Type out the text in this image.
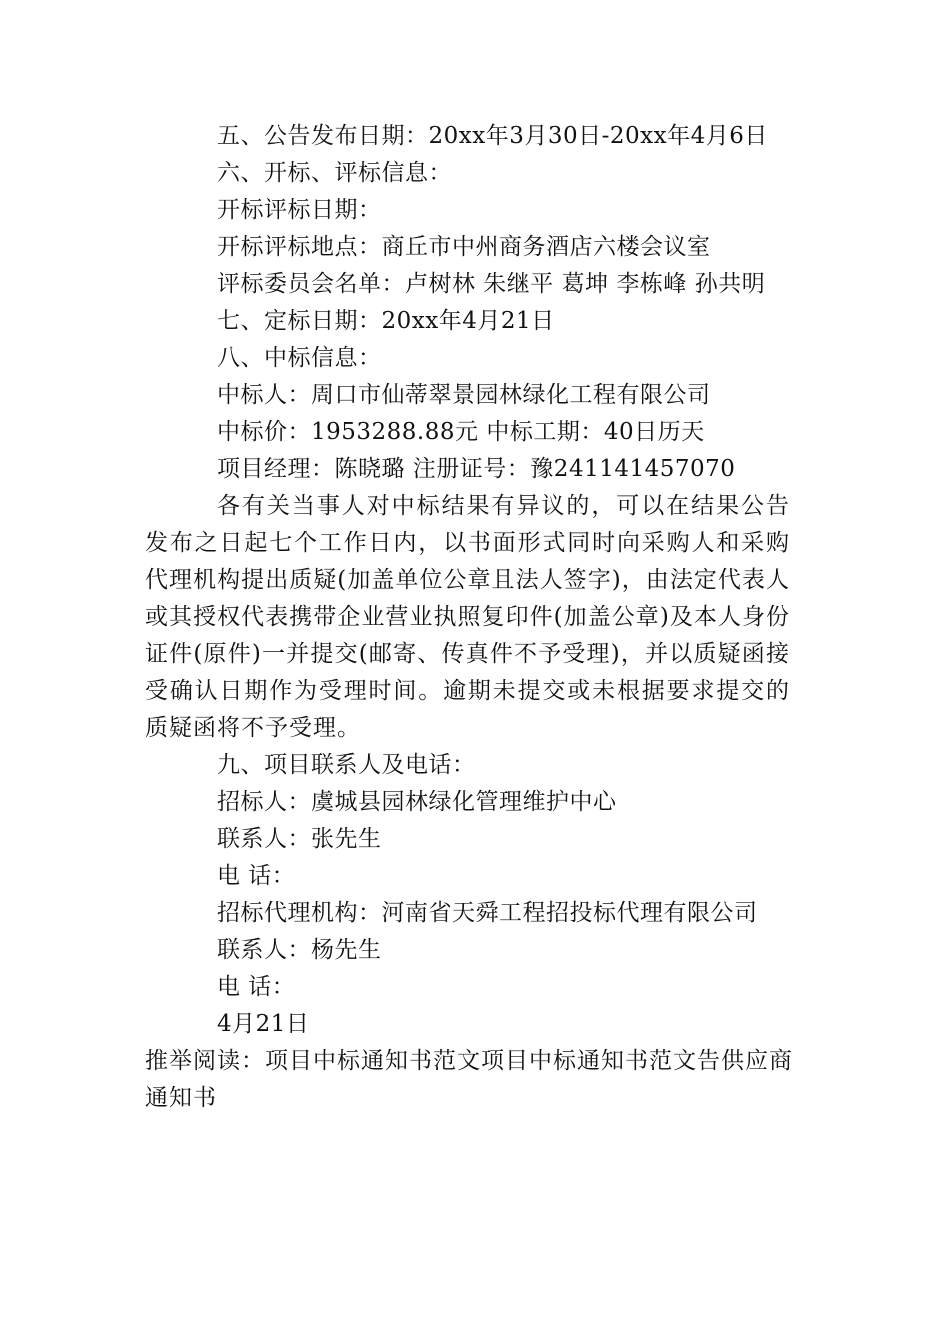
五、公告发布日期：20xx年3月30日-20xx年4月6日
六、开标、评标信息：
开标评标日期：
开标评标地点：商丘市中州商务酒店六楼会议室
评标委员会名单：卢树林 朱继平 葛坤 李栋峰 孙共明
七、定标日期：20xx年4月21日
八、中标信息：
中标人：周口市仙蒂翠景园林绿化工程有限公司
中标价：1953288.88元 中标工期：40日历天
项目经理：陈晓璐 注册证号：豫241141457070

各有关当事人对中标结果有异议的，可以在结果公告发布之日起七个工作日内，以书面形式同时向采购人和采购代理机构提出质疑(加盖单位公章且法人签字)，由法定代表人或其授权代表携带企业营业执照复印件(加盖公章)及本人身份证件(原件)一并提交(邮寄、传真件不予受理)，并以质疑函接受确认日期作为受理时间。逾期未提交或未根据要求提交的质疑函将不予受理。

九、项目联系人及电话：
招标人：虞城县园林绿化管理维护中心
联系人：张先生
电 话：
招标代理机构：河南省天舜工程招投标代理有限公司
联系人：杨先生
电 话：
4月21日

推举阅读：项目中标通知书范文项目中标通知书范文告供应商通知书
